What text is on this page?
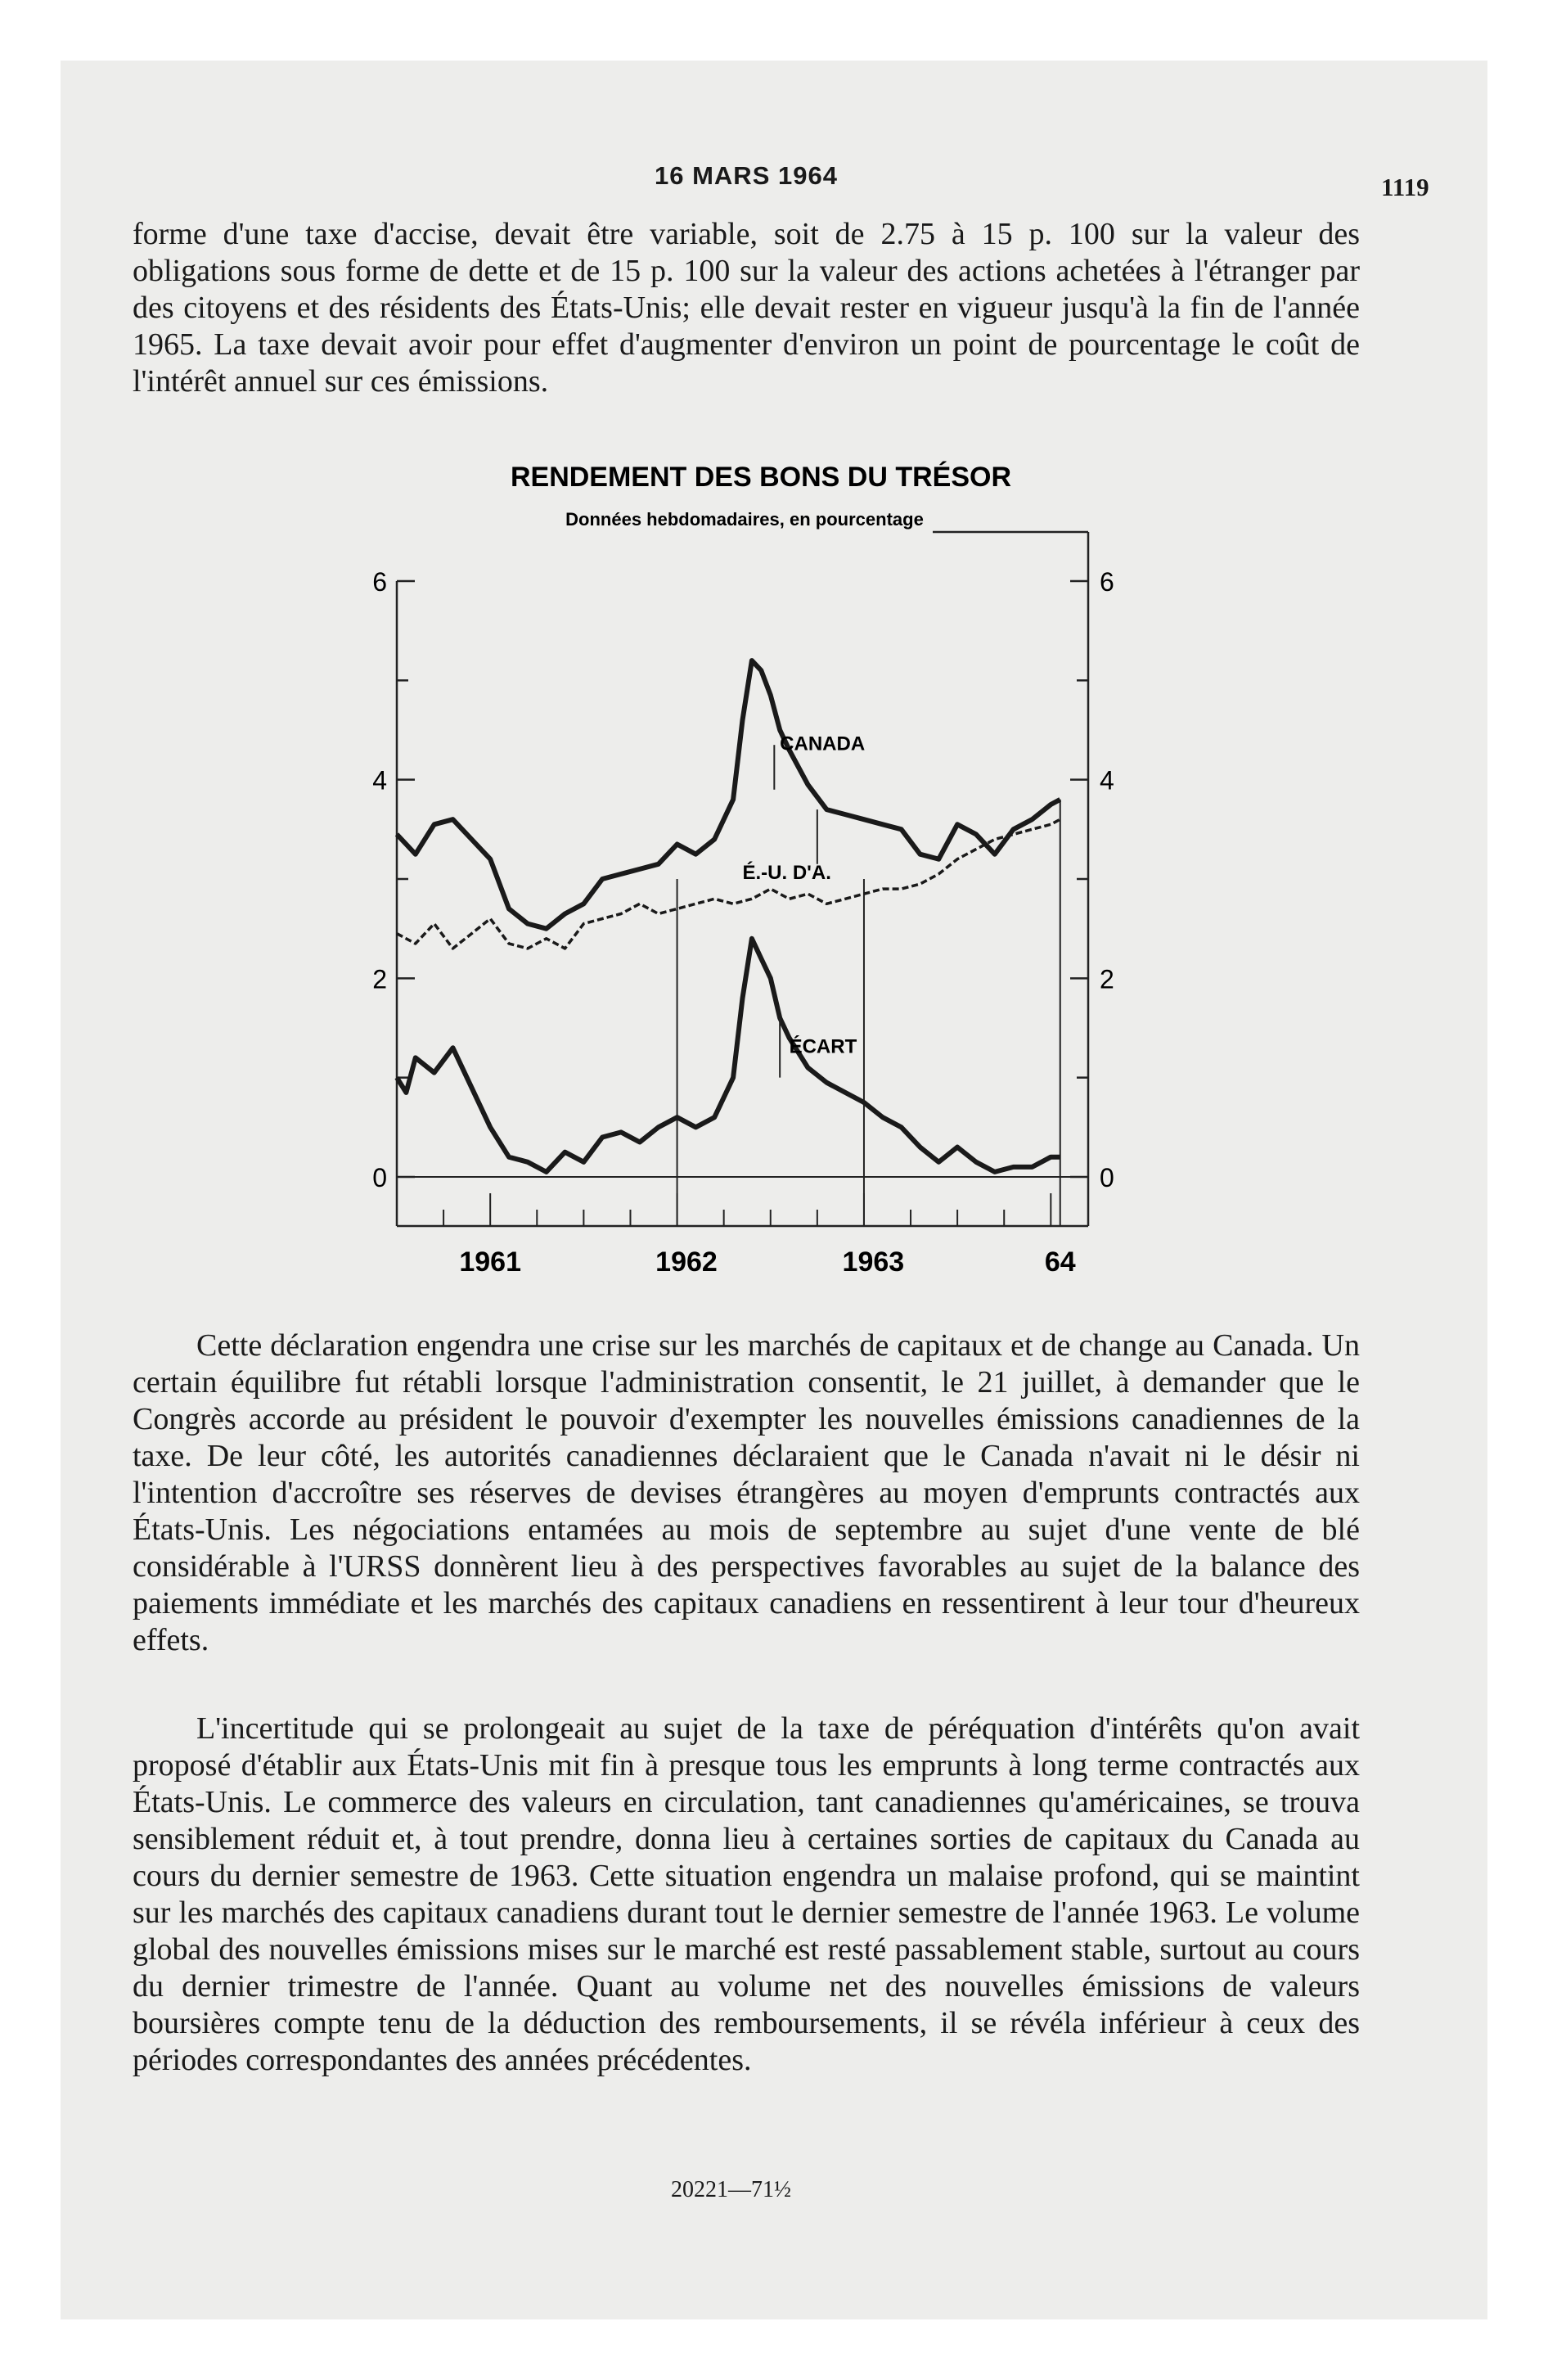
16 MARS 1964	1119

forme d'une taxe d'accise, devait être variable, soit de 2.75 à 15 p. 100 sur la valeur des obligations sous forme de dette et de 15 p. 100 sur la valeur des actions achetées à l'étranger par des citoyens et des résidents des États-Unis; elle devait rester en vigueur jusqu'à la fin de l'année 1965. La taxe devait avoir pour effet d'augmenter d'environ un point de pourcentage le coût de l'intérêt annuel sur ces émissions.

RENDEMENT DES BONS DU TRÉSOR
Données hebdomadaires, en pourcentage
0	0
2	2
4	4
6	6
1961	1962	1963	64
CANADA
É.-U. D'A.
ÉCART

Cette déclaration engendra une crise sur les marchés de capitaux et de change au Canada. Un certain équilibre fut rétabli lorsque l'administration consentit, le 21 juillet, à demander que le Congrès accorde au président le pouvoir d'exempter les nouvelles émissions canadiennes de la taxe. De leur côté, les autorités canadiennes déclaraient que le Canada n'avait ni le désir ni l'intention d'accroître ses réserves de devises étrangères au moyen d'emprunts contractés aux États-Unis. Les négociations entamées au mois de septembre au sujet d'une vente de blé considérable à l'URSS donnèrent lieu à des perspectives favorables au sujet de la balance des paiements immédiate et les marchés des capitaux canadiens en ressentirent à leur tour d'heureux effets.

L'incertitude qui se prolongeait au sujet de la taxe de péréquation d'intérêts qu'on avait proposé d'établir aux États-Unis mit fin à presque tous les emprunts à long terme contractés aux États-Unis. Le commerce des valeurs en circulation, tant canadiennes qu'américaines, se trouva sensiblement réduit et, à tout prendre, donna lieu à certaines sorties de capitaux du Canada au cours du dernier semestre de 1963. Cette situation engendra un malaise profond, qui se maintint sur les marchés des capitaux canadiens durant tout le dernier semestre de l'année 1963. Le volume global des nouvelles émissions mises sur le marché est resté passablement stable, surtout au cours du dernier trimestre de l'année. Quant au volume net des nouvelles émissions de valeurs boursières compte tenu de la déduction des remboursements, il se révéla inférieur à ceux des périodes correspondantes des années précédentes.

20221—71½
